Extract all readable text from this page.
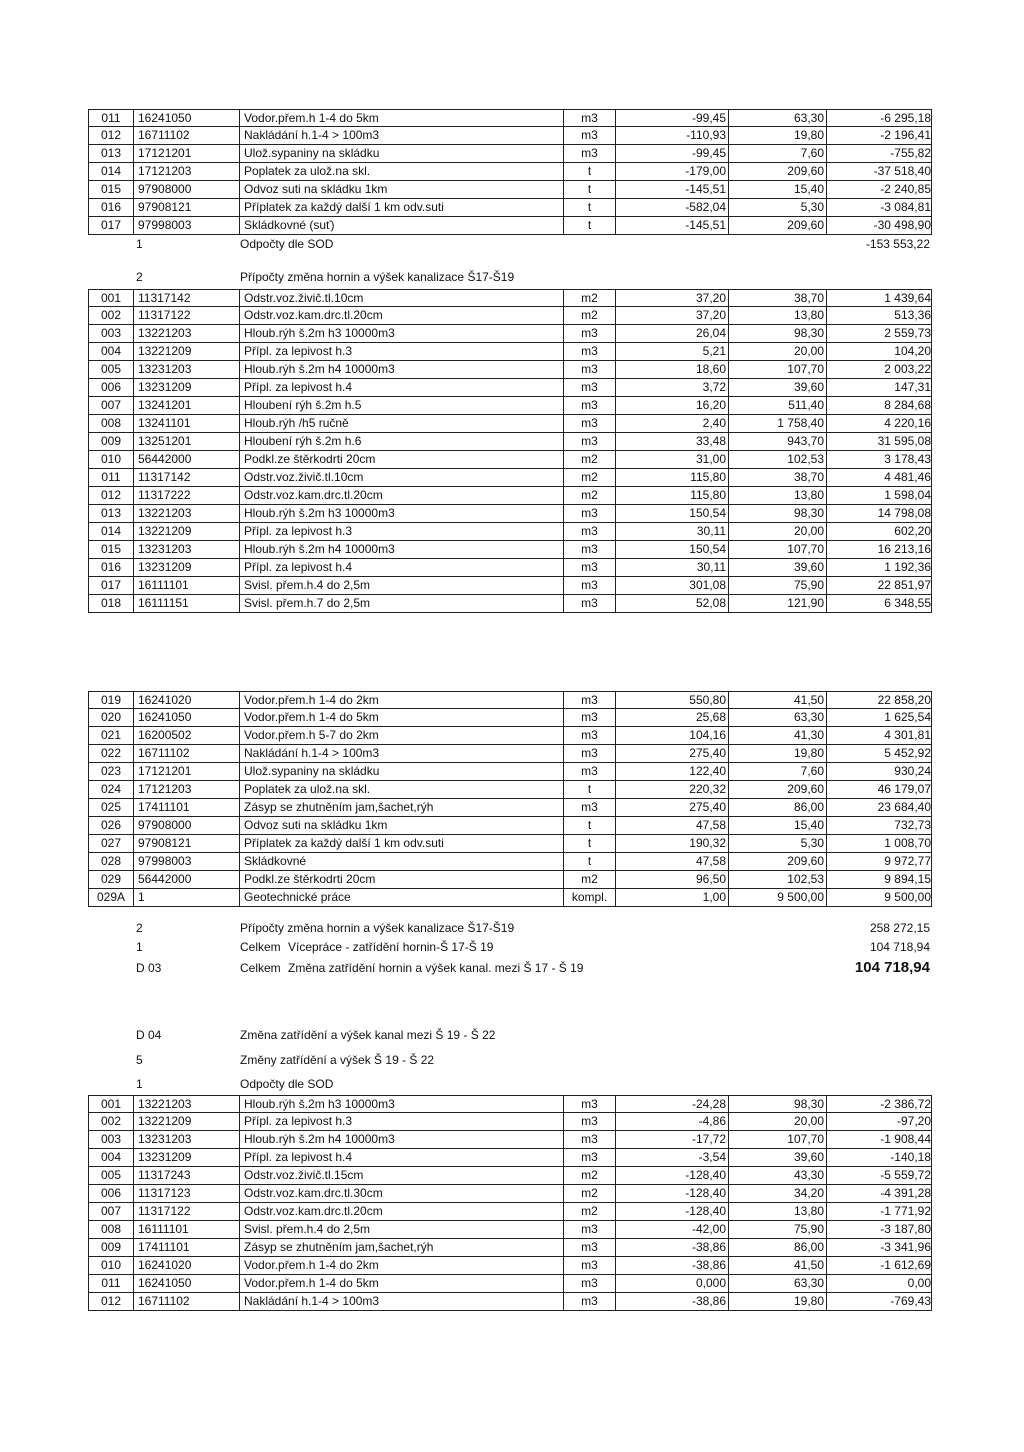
011	16241050	Vodor.přem.h 1-4 do 5km	m3	-99,45	63,30	-6 295,18
012	16711102	Nakládání h.1-4 > 100m3	m3	-110,93	19,80	-2 196,41
013	17121201	Ulož.sypaniny na skládku	m3	-99,45	7,60	-755,82
014	17121203	Poplatek za ulož.na skl.	t	-179,00	209,60	-37 518,40
015	97908000	Odvoz suti na skládku 1km	t	-145,51	15,40	-2 240,85
016	97908121	Příplatek za každý další 1 km odv.suti	t	-582,04	5,30	-3 084,81
017	97998003	Skládkovné (suť)	t	-145,51	209,60	-30 498,90
1	Odpočty dle SOD	-153 553,22
2	Přípočty změna hornin a výšek kanalizace Š17-Š19
001	11317142	Odstr.voz.živič.tl.10cm	m2	37,20	38,70	1 439,64
002	11317122	Odstr.voz.kam.drc.tl.20cm	m2	37,20	13,80	513,36
003	13221203	Hloub.rýh š.2m h3 10000m3	m3	26,04	98,30	2 559,73
004	13221209	Přípl. za lepivost h.3	m3	5,21	20,00	104,20
005	13231203	Hloub.rýh š.2m h4 10000m3	m3	18,60	107,70	2 003,22
006	13231209	Přípl. za lepivost h.4	m3	3,72	39,60	147,31
007	13241201	Hloubení rýh š.2m h.5	m3	16,20	511,40	8 284,68
008	13241101	Hloub.rýh /h5 ručně	m3	2,40	1 758,40	4 220,16
009	13251201	Hloubení rýh š.2m h.6	m3	33,48	943,70	31 595,08
010	56442000	Podkl.ze štěrkodrti 20cm	m2	31,00	102,53	3 178,43
011	11317142	Odstr.voz.živič.tl.10cm	m2	115,80	38,70	4 481,46
012	11317222	Odstr.voz.kam.drc.tl.20cm	m2	115,80	13,80	1 598,04
013	13221203	Hloub.rýh š.2m h3 10000m3	m3	150,54	98,30	14 798,08
014	13221209	Přípl. za lepivost h.3	m3	30,11	20,00	602,20
015	13231203	Hloub.rýh š.2m h4 10000m3	m3	150,54	107,70	16 213,16
016	13231209	Přípl. za lepivost h.4	m3	30,11	39,60	1 192,36
017	16111101	Svisl. přem.h.4 do 2,5m	m3	301,08	75,90	22 851,97
018	16111151	Svisl. přem.h.7 do 2,5m	m3	52,08	121,90	6 348,55
019	16241020	Vodor.přem.h 1-4 do 2km	m3	550,80	41,50	22 858,20
020	16241050	Vodor.přem.h 1-4 do 5km	m3	25,68	63,30	1 625,54
021	16200502	Vodor.přem.h 5-7 do 2km	m3	104,16	41,30	4 301,81
022	16711102	Nakládání h.1-4 > 100m3	m3	275,40	19,80	5 452,92
023	17121201	Ulož.sypaniny na skládku	m3	122,40	7,60	930,24
024	17121203	Poplatek za ulož.na skl.	t	220,32	209,60	46 179,07
025	17411101	Zásyp se zhutněním jam,šachet,rýh	m3	275,40	86,00	23 684,40
026	97908000	Odvoz suti na skládku 1km	t	47,58	15,40	732,73
027	97908121	Příplatek za každý další 1 km odv.suti	t	190,32	5,30	1 008,70
028	97998003	Skládkovné	t	47,58	209,60	9 972,77
029	56442000	Podkl.ze štěrkodrti 20cm	m2	96,50	102,53	9 894,15
029A	1	Geotechnické práce	kompl.	1,00	9 500,00	9 500,00
2	Přípočty změna hornin a výšek kanalizace Š17-Š19	258 272,15
1	Celkem Vícepráce - zatřídění hornin-Š 17-Š 19	104 718,94
D 03	Celkem Změna zatřídění hornin a výšek kanal. mezi Š 17 - Š 19	104 718,94
D 04	Změna zatřídění a výšek kanal mezi Š 19 - Š 22
5	Změny zatřídění a výšek Š 19 - Š 22
1	Odpočty dle SOD
001	13221203	Hloub.rýh š.2m h3 10000m3	m3	-24,28	98,30	-2 386,72
002	13221209	Přípl. za lepivost h.3	m3	-4,86	20,00	-97,20
003	13231203	Hloub.rýh š.2m h4 10000m3	m3	-17,72	107,70	-1 908,44
004	13231209	Přípl. za lepivost h.4	m3	-3,54	39,60	-140,18
005	11317243	Odstr.voz.živič.tl.15cm	m2	-128,40	43,30	-5 559,72
006	11317123	Odstr.voz.kam.drc.tl.30cm	m2	-128,40	34,20	-4 391,28
007	11317122	Odstr.voz.kam.drc.tl.20cm	m2	-128,40	13,80	-1 771,92
008	16111101	Svisl. přem.h.4 do 2,5m	m3	-42,00	75,90	-3 187,80
009	17411101	Zásyp se zhutněním jam,šachet,rýh	m3	-38,86	86,00	-3 341,96
010	16241020	Vodor.přem.h 1-4 do 2km	m3	-38,86	41,50	-1 612,69
011	16241050	Vodor.přem.h 1-4 do 5km	m3	0,000	63,30	0,00
012	16711102	Nakládání h.1-4 > 100m3	m3	-38,86	19,80	-769,43
